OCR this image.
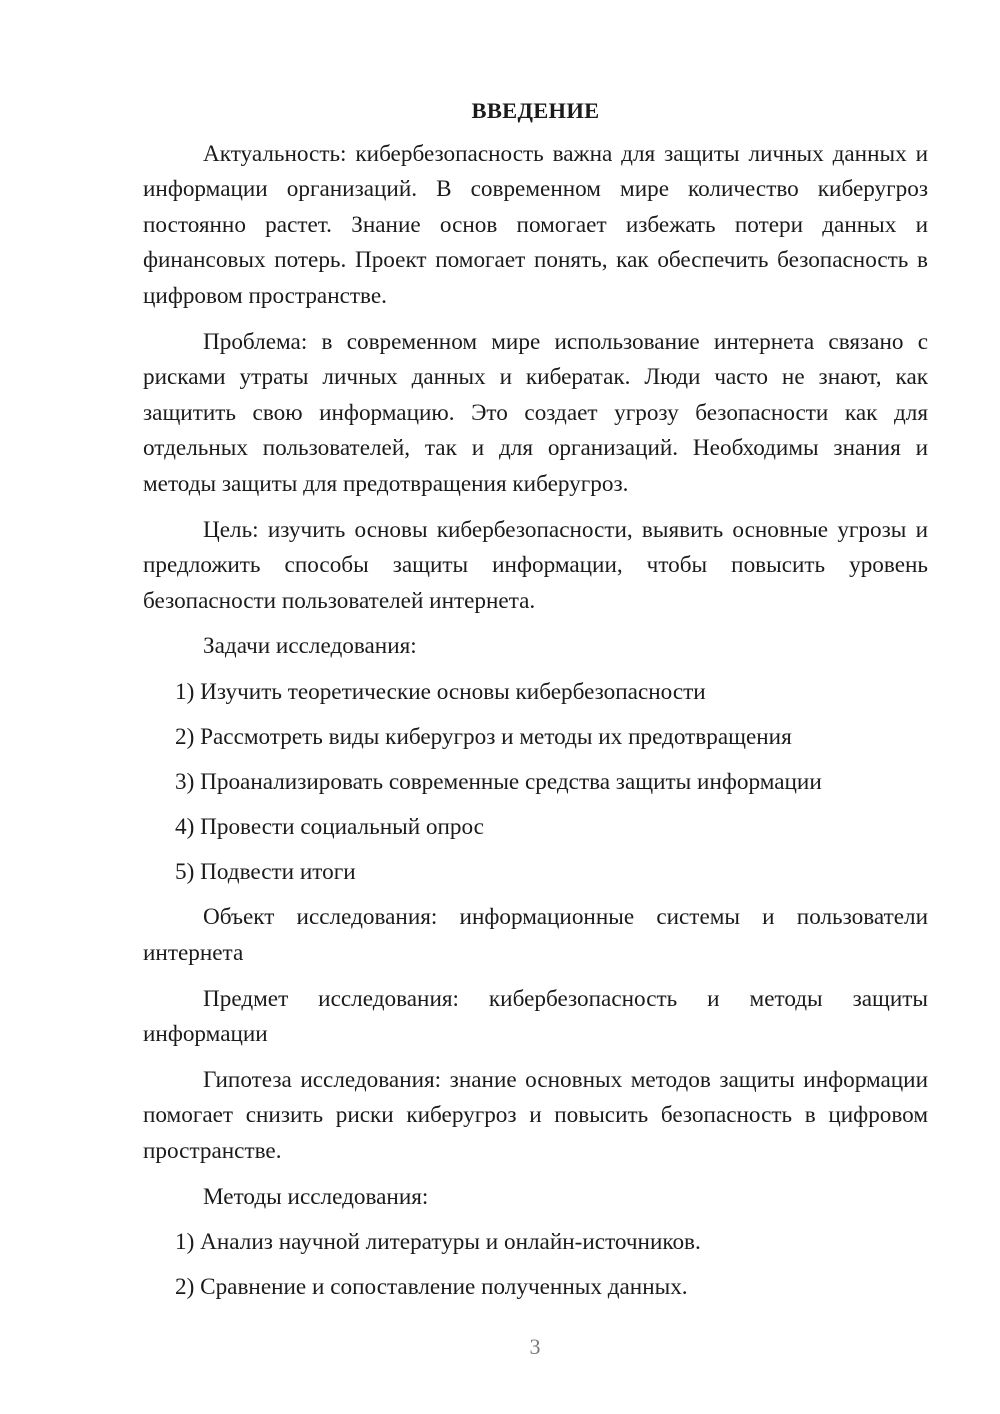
ВВЕДЕНИЕ

Актуальность: кибербезопасность важна для защиты личных данных и информации организаций. В современном мире количество киберугроз постоянно растет. Знание основ помогает избежать потери данных и финансовых потерь. Проект помогает понять, как обеспечить безопасность в цифровом пространстве.

Проблема: в современном мире использование интернета связано с рисками утраты личных данных и кибератак. Люди часто не знают, как защитить свою информацию. Это создает угрозу безопасности как для отдельных пользователей, так и для организаций. Необходимы знания и методы защиты для предотвращения киберугроз.

Цель: изучить основы кибербезопасности, выявить основные угрозы и предложить способы защиты информации, чтобы повысить уровень безопасности пользователей интернета.

Задачи исследования:

1) Изучить теоретические основы кибербезопасности
2) Рассмотреть виды киберугроз и методы их предотвращения
3) Проанализировать современные средства защиты информации
4) Провести социальный опрос
5) Подвести итоги

Объект исследования: информационные системы и пользователи интернета

Предмет исследования: кибербезопасность и методы защиты информации

Гипотеза исследования: знание основных методов защиты информации помогает снизить риски киберугроз и повысить безопасность в цифровом пространстве.

Методы исследования:

1) Анализ научной литературы и онлайн-источников.
2) Сравнение и сопоставление полученных данных.
3
